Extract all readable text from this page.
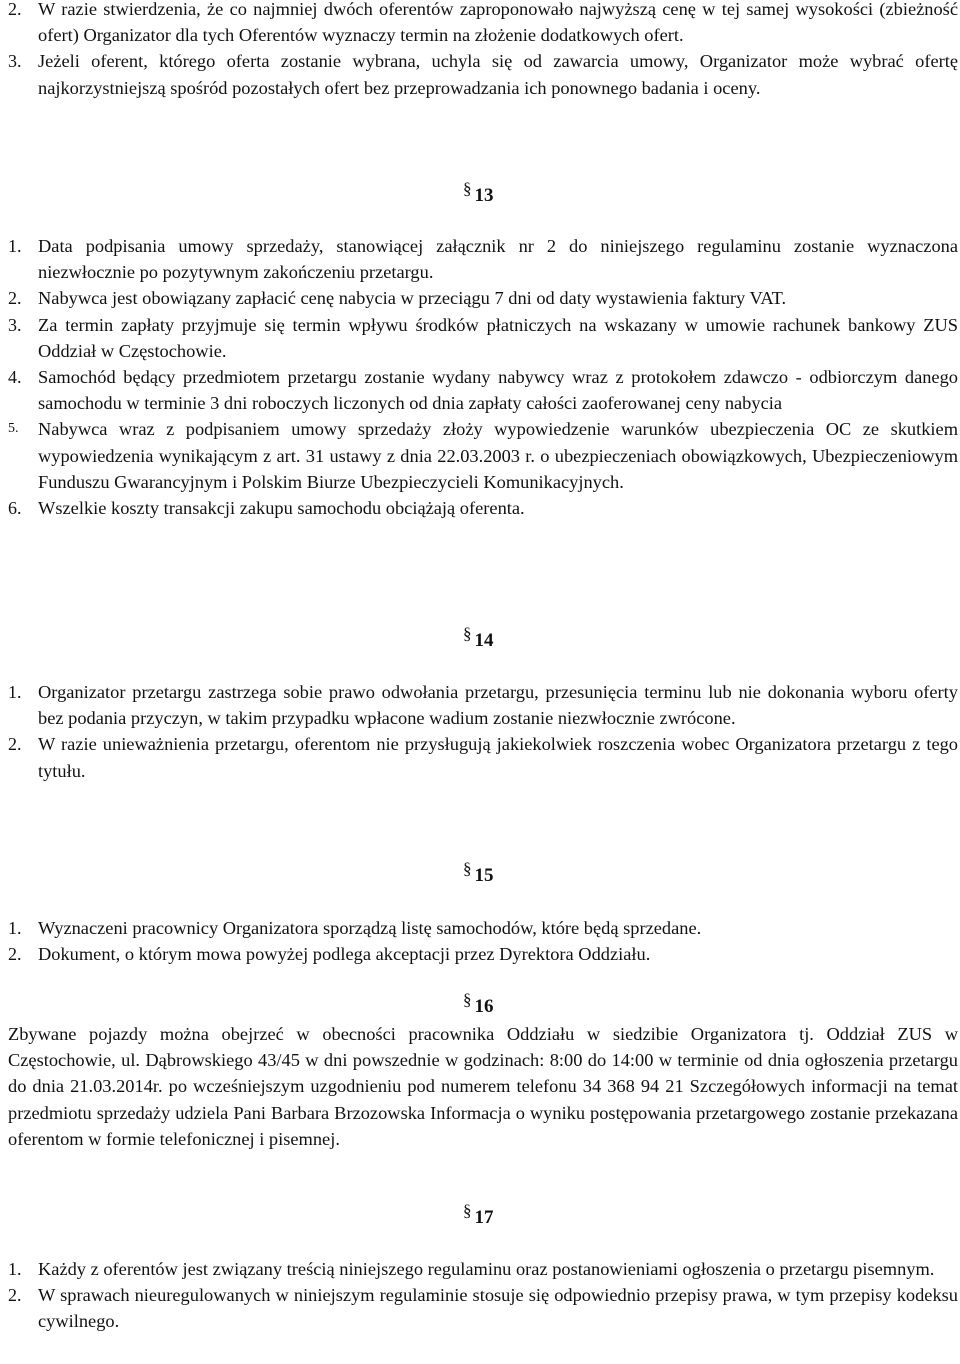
2. W razie stwierdzenia, że co najmniej dwóch oferentów zaproponowało najwyższą cenę w tej samej wysokości (zbieżność ofert) Organizator dla tych Oferentów wyznaczy termin na złożenie dodatkowych ofert.

3. Jeżeli oferent, którego oferta zostanie wybrana, uchyla się od zawarcia umowy, Organizator może wybrać ofertę najkorzystniejszą spośród pozostałych ofert bez przeprowadzania ich ponownego badania i oceny.

§ 13
1. Data podpisania umowy sprzedaży, stanowiącej załącznik nr 2 do niniejszego regulaminu zostanie wyznaczona niezwłocznie po pozytywnym zakończeniu przetargu.

2. Nabywca jest obowiązany zapłacić cenę nabycia w przeciągu 7 dni od daty wystawienia faktury VAT.

3. Za termin zapłaty przyjmuje się termin wpływu środków płatniczych na wskazany w umowie rachunek bankowy ZUS Oddział w Częstochowie.

4. Samochód będący przedmiotem przetargu zostanie wydany nabywcy wraz z protokołem zdawczo - odbiorczym danego samochodu w terminie 3 dni roboczych liczonych od dnia zapłaty całości zaoferowanej ceny nabycia

5.	Nabywca wraz z podpisaniem umowy sprzedaży złoży wypowiedzenie warunków ubezpieczenia OC ze skutkiem wypowiedzenia wynikającym z art. 31 ustawy z dnia 22.03.2003 r. o ubezpieczeniach obowiązkowych, Ubezpieczeniowym Funduszu Gwarancyjnym i Polskim Biurze Ubezpieczycieli Komunikacyjnych.

6. Wszelkie koszty transakcji zakupu samochodu obciążają oferenta.

§ 14
1. Organizator przetargu zastrzega sobie prawo odwołania przetargu, przesunięcia terminu lub nie dokonania wyboru oferty bez podania przyczyn, w takim przypadku wpłacone wadium zostanie niezwłocznie zwrócone.

2. W razie unieważnienia przetargu, oferentom nie przysługują jakiekolwiek roszczenia wobec Organizatora przetargu z tego tytułu.

§ 15
1. Wyznaczeni pracownicy Organizatora sporządzą listę samochodów, które będą sprzedane.

2. Dokument, o którym mowa powyżej podlega akceptacji przez Dyrektora Oddziału.

§ 16

Zbywane pojazdy można obejrzeć w obecności pracownika Oddziału w siedzibie Organizatora tj. Oddział ZUS w Częstochowie, ul. Dąbrowskiego 43/45 w dni powszednie w godzinach: 8:00 do 14:00 w terminie od dnia ogłoszenia przetargu do dnia 21.03.2014r. po wcześniejszym uzgodnieniu pod numerem telefonu 34 368 94 21 Szczegółowych informacji na temat przedmiotu sprzedaży udziela Pani Barbara Brzozowska Informacja o wyniku postępowania przetargowego zostanie przekazana oferentom w formie telefonicznej i pisemnej.

§ 17
1. Każdy z oferentów jest związany treścią niniejszego regulaminu oraz postanowieniami ogłoszenia o przetargu pisemnym.

2. W sprawach nieuregulowanych w niniejszym regulaminie stosuje się odpowiednio przepisy prawa, w tym przepisy kodeksu cywilnego.
